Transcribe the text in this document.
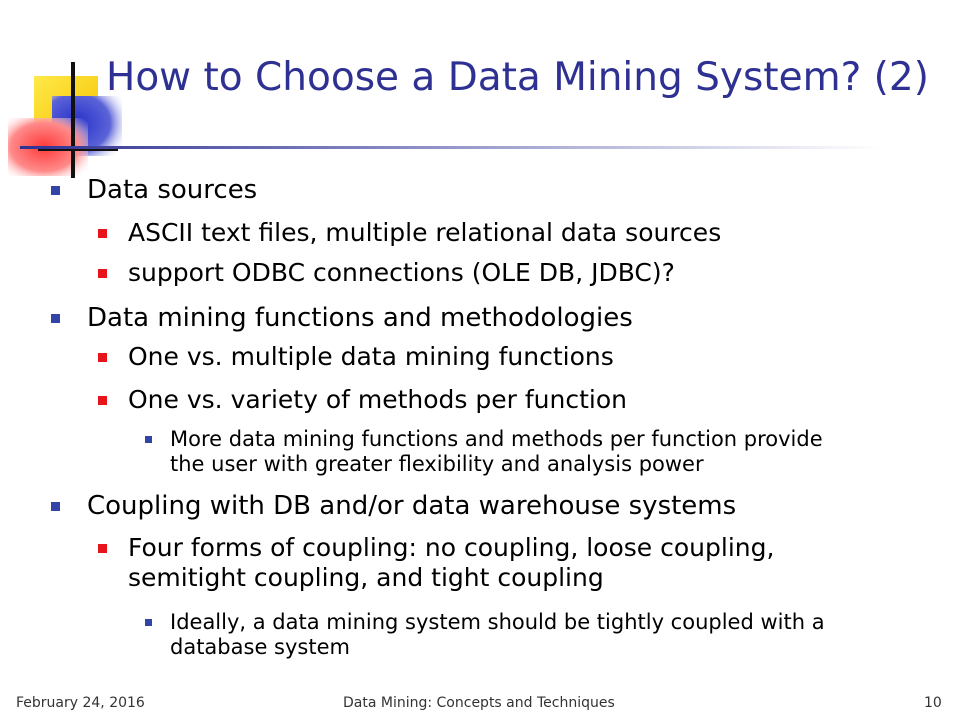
How to Choose a Data Mining System? (2)
Data sources
ASCII text files, multiple relational data sources
support ODBC connections (OLE DB, JDBC)?
Data mining functions and methodologies
One vs. multiple data mining functions
One vs. variety of methods per function
More data mining functions and methods per function provide
the user with greater flexibility and analysis power
Coupling with DB and/or data warehouse systems
Four forms of coupling: no coupling, loose coupling,
semitight coupling, and tight coupling
Ideally, a data mining system should be tightly coupled with a
database system
February 24, 2016	Data Mining: Concepts and Techniques	10
